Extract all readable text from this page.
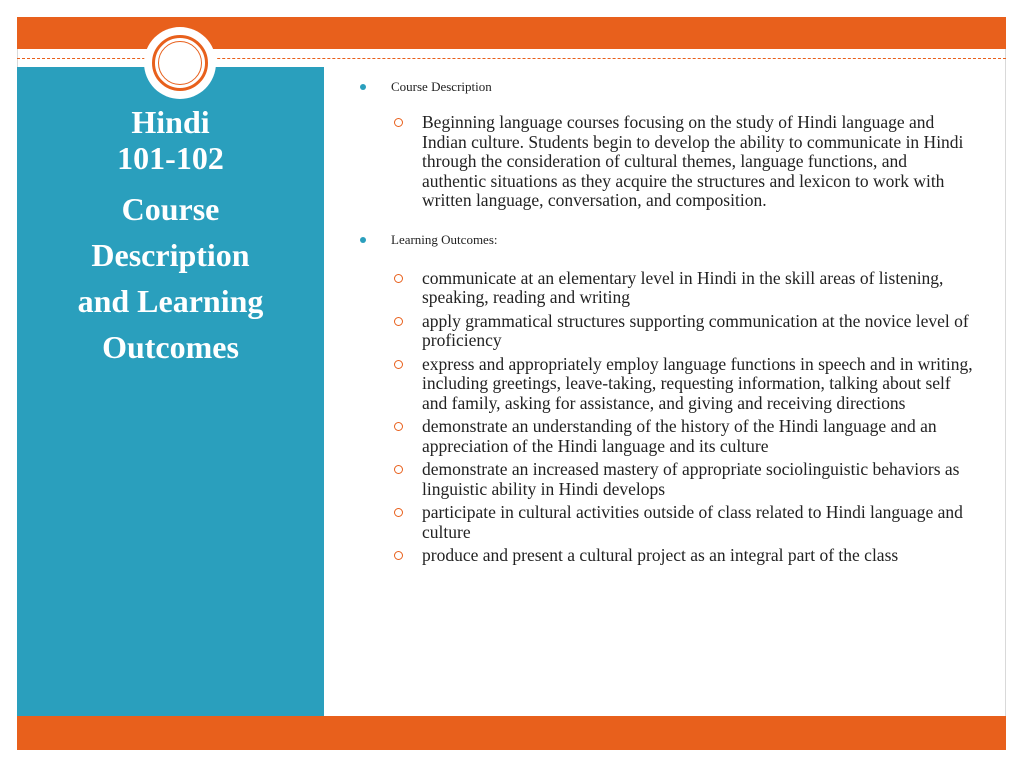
Hindi
101-102

Course
Description
and Learning
Outcomes

Course Description
Beginning language courses focusing on the study of Hindi language and Indian culture. Students begin to develop the ability to communicate in Hindi through the consideration of cultural themes, language functions, and authentic situations as they acquire the structures and lexicon to work with written language, conversation, and composition.
Learning Outcomes:
communicate at an elementary level in Hindi in the skill areas of listening, speaking, reading and writing
apply grammatical structures supporting communication at the novice level of proficiency
express and appropriately employ language functions in speech and in writing, including greetings, leave-taking, requesting information, talking about self and family, asking for assistance, and giving and receiving directions
demonstrate an understanding of the history of the Hindi language and an appreciation of the Hindi language and its culture
demonstrate an increased mastery of appropriate sociolinguistic behaviors as linguistic ability in Hindi develops
participate in cultural activities outside of class related to Hindi language and culture
produce and present a cultural project as an integral part of the class
